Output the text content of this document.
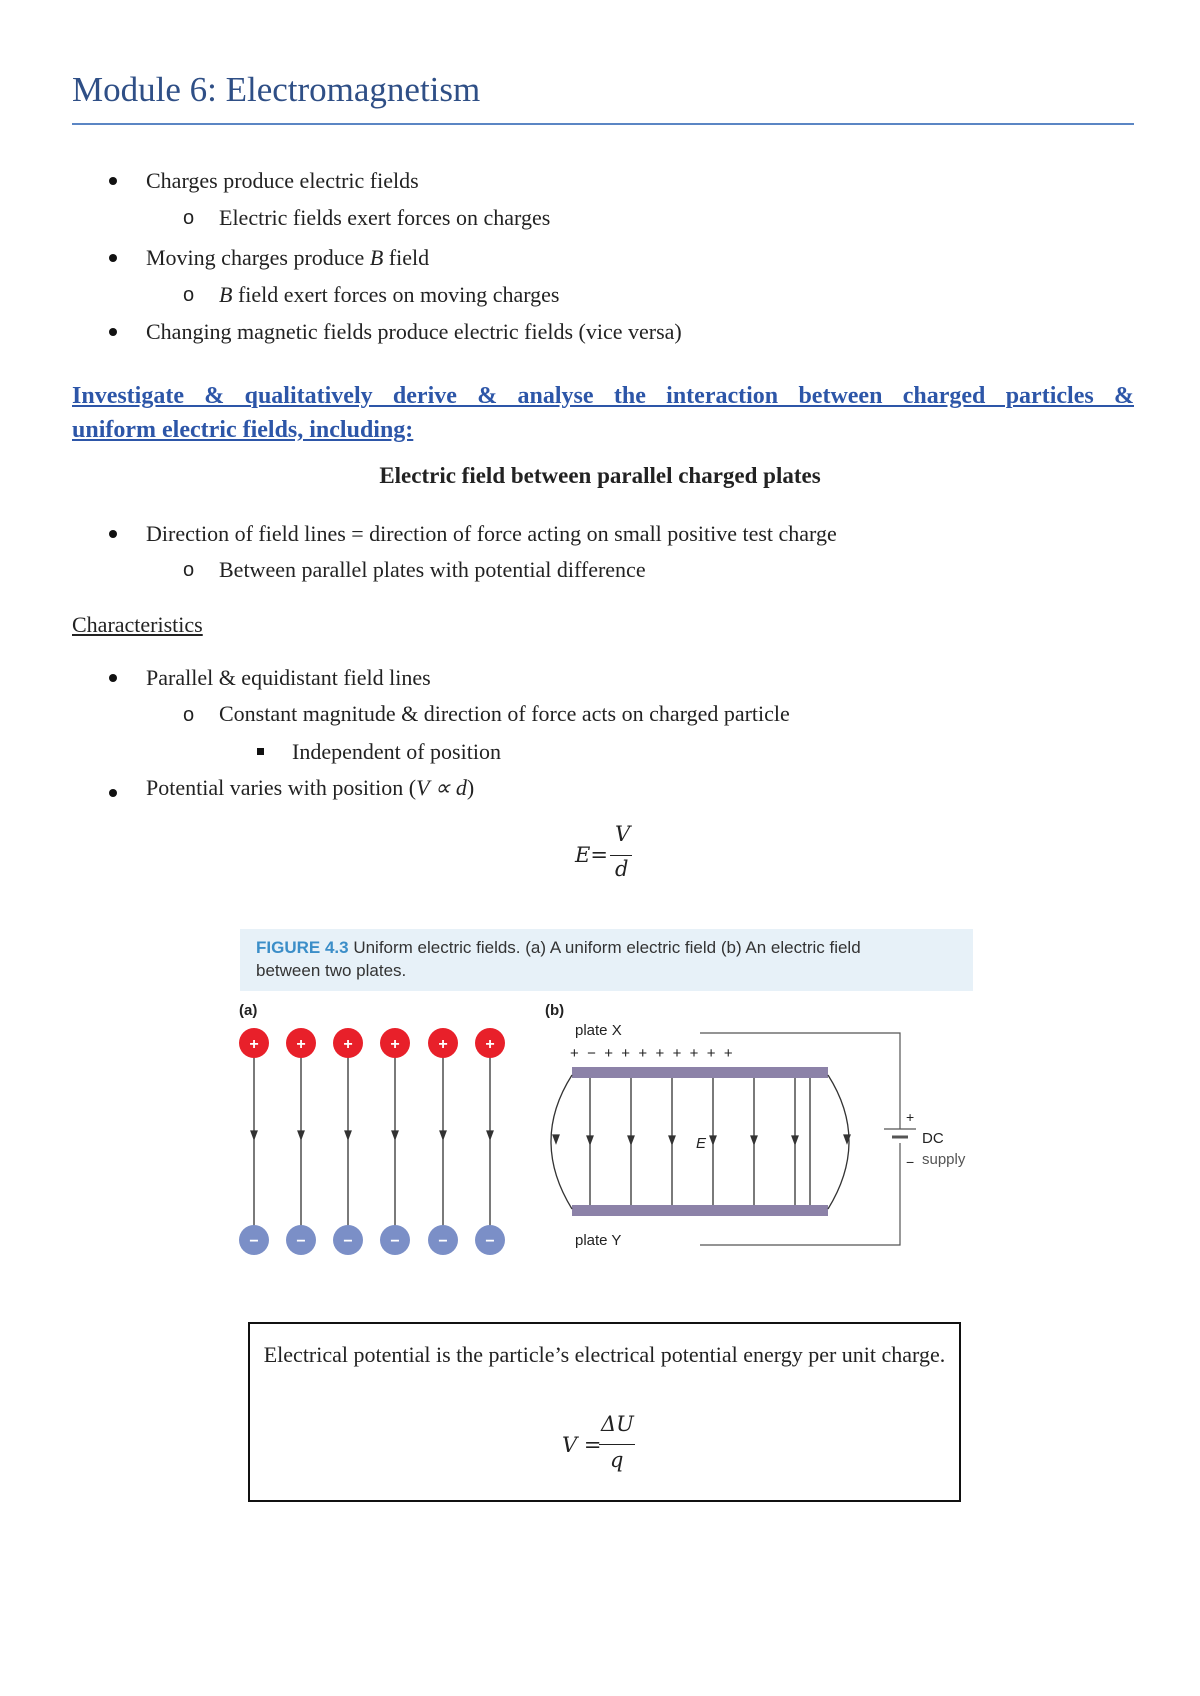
Module 6: Electromagnetism
Charges produce electric fields
o Electric fields exert forces on charges
Moving charges produce B field
o B field exert forces on moving charges
Changing magnetic fields produce electric fields (vice versa)
Investigate & qualitatively derive & analyse the interaction between charged particles &
uniform electric fields, including:
Electric field between parallel charged plates
Direction of field lines = direction of force acting on small positive test charge
o Between parallel plates with potential difference
Characteristics
Parallel & equidistant field lines
o Constant magnitude & direction of force acts on charged particle
Independent of position
Potential varies with position (V ∝ d)
E=
V
d
FIGURE 4.3 Uniform electric fields. (a) A uniform electric field (b) An electric field
between two plates.
(a)	(b)
+ + + + + +
− − − − − −
plate X
+  −  +  +  +  +  +  +  +  +
E
+
DC
− supply
plate Y
Electrical potential is the particle’s electrical potential energy per unit charge.
V =
ΔU
q
